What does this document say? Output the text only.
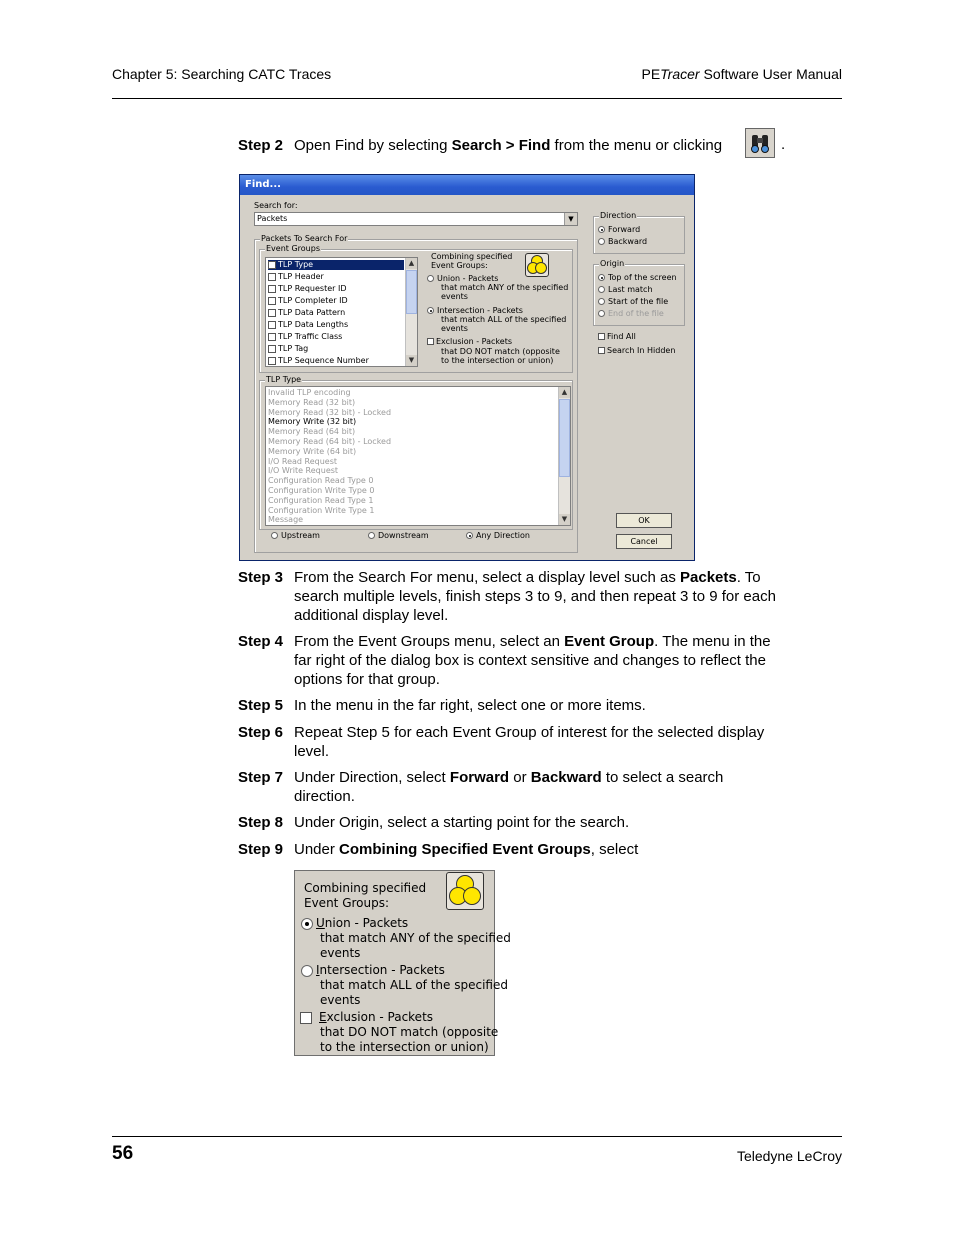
Chapter 5: Searching CATC Traces	PETracer Software User Manual
Step 2 Open Find by selecting Search > Find from the menu or clicking	.
Find...
Search for:
Packets	▼
Packets To Search For
Event Groups
TLP Type
TLP Header
TLP Requester ID
TLP Completer ID
TLP Data Pattern
TLP Data Lengths
TLP Traffic Class
TLP Tag
TLP Sequence Number
▲
▼
Combining specified
Event Groups:
Union - Packets
that match ANY of the specified
events
Intersection - Packets
that match ALL of the specified
events
Exclusion - Packets
that DO NOT match (opposite
to the intersection or union)
TLP Type
Invalid TLP encoding
Memory Read (32 bit)
Memory Read (32 bit) - Locked
Memory Write (32 bit)
Memory Read (64 bit)
Memory Read (64 bit) - Locked
Memory Write (64 bit)
I/O Read Request
I/O Write Request
Configuration Read Type 0
Configuration Write Type 0
Configuration Read Type 1
Configuration Write Type 1
Message
▲
▼
Upstream	Downstream	Any Direction
Direction
Forward
Backward
Origin
Top of the screen
Last match
Start of the file
End of the file
Find All
Search In Hidden
OK
Cancel
Step 3 From the Search For menu, select a display level such as Packets. To search multiple levels, finish steps 3 to 9, and then repeat 3 to 9 for each additional display level.
Step 4 From the Event Groups menu, select an Event Group. The menu in the far right of the dialog box is context sensitive and changes to reflect the options for that group.
Step 5 In the menu in the far right, select one or more items.
Step 6 Repeat Step 5 for each Event Group of interest for the selected display level.
Step 7 Under Direction, select Forward or Backward to select a search direction.
Step 8 Under Origin, select a starting point for the search.
Step 9 Under Combining Specified Event Groups, select
Combining specified
Event Groups:
Union - Packets
that match ANY of the specified
events
Intersection - Packets
that match ALL of the specified
events
Exclusion - Packets
that DO NOT match (opposite
to the intersection or union)
56	Teledyne LeCroy
